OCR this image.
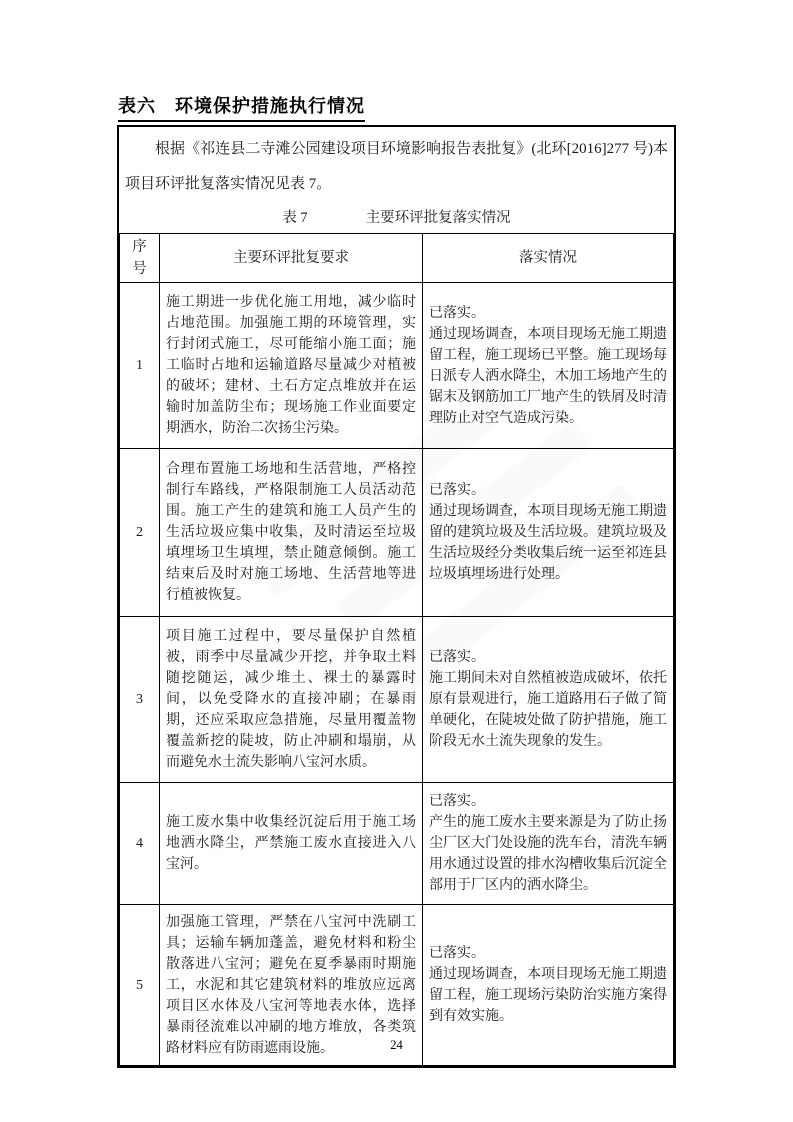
表六　环境保护措施执行情况
根据《祁连县二寺滩公园建设项目环境影响报告表批复》(北环[2016]277 号)本项目环评批复落实情况见表 7。
表 7	主要环评批复落实情况
序号	主要环评批复要求	落实情况
1	施工期进一步优化施工用地，减少临时占地范围。加强施工期的环境管理，实行封闭式施工，尽可能缩小施工面；施工临时占地和运输道路尽量减少对植被的破坏；建材、土石方定点堆放并在运输时加盖防尘布；现场施工作业面要定期洒水，防治二次扬尘污染。	已落实。
通过现场调查，本项目现场无施工期遗留工程，施工现场已平整。施工现场每日派专人洒水降尘，木加工场地产生的锯末及钢筋加工厂地产生的铁屑及时清理防止对空气造成污染。

2	合理布置施工场地和生活营地，严格控制行车路线，严格限制施工人员活动范围。施工产生的建筑和施工人员产生的生活垃圾应集中收集，及时清运至垃圾填埋场卫生填埋，禁止随意倾倒。施工结束后及时对施工场地、生活营地等进行植被恢复。	已落实。
通过现场调查，本项目现场无施工期遗留的建筑垃圾及生活垃圾。建筑垃圾及生活垃圾经分类收集后统一运至祁连县垃圾填埋场进行处理。

3	项目施工过程中，要尽量保护自然植被，雨季中尽量减少开挖，并争取土料随挖随运，减少堆土、裸土的暴露时间，以免受降水的直接冲刷；在暴雨期，还应采取应急措施，尽量用覆盖物覆盖新挖的陡坡，防止冲刷和塌崩，从而避免水土流失影响八宝河水质。	已落实。
施工期间未对自然植被造成破坏，依托原有景观进行，施工道路用石子做了简单硬化，在陡坡处做了防护措施，施工阶段无水土流失现象的发生。

4	施工废水集中收集经沉淀后用于施工场地洒水降尘，严禁施工废水直接进入八宝河。	已落实。
产生的施工废水主要来源是为了防止扬尘厂区大门处设施的洗车台，清洗车辆用水通过设置的排水沟槽收集后沉淀全部用于厂区内的洒水降尘。

5	加强施工管理，严禁在八宝河中洗刷工具；运输车辆加蓬盖，避免材料和粉尘散落进八宝河；避免在夏季暴雨时期施工，水泥和其它建筑材料的堆放应远离项目区水体及八宝河等地表水体，选择暴雨径流难以冲刷的地方堆放，各类筑路材料应有防雨遮雨设施。	已落实。
通过现场调查，本项目现场无施工期遗留工程，施工现场污染防治实施方案得到有效实施。
24
